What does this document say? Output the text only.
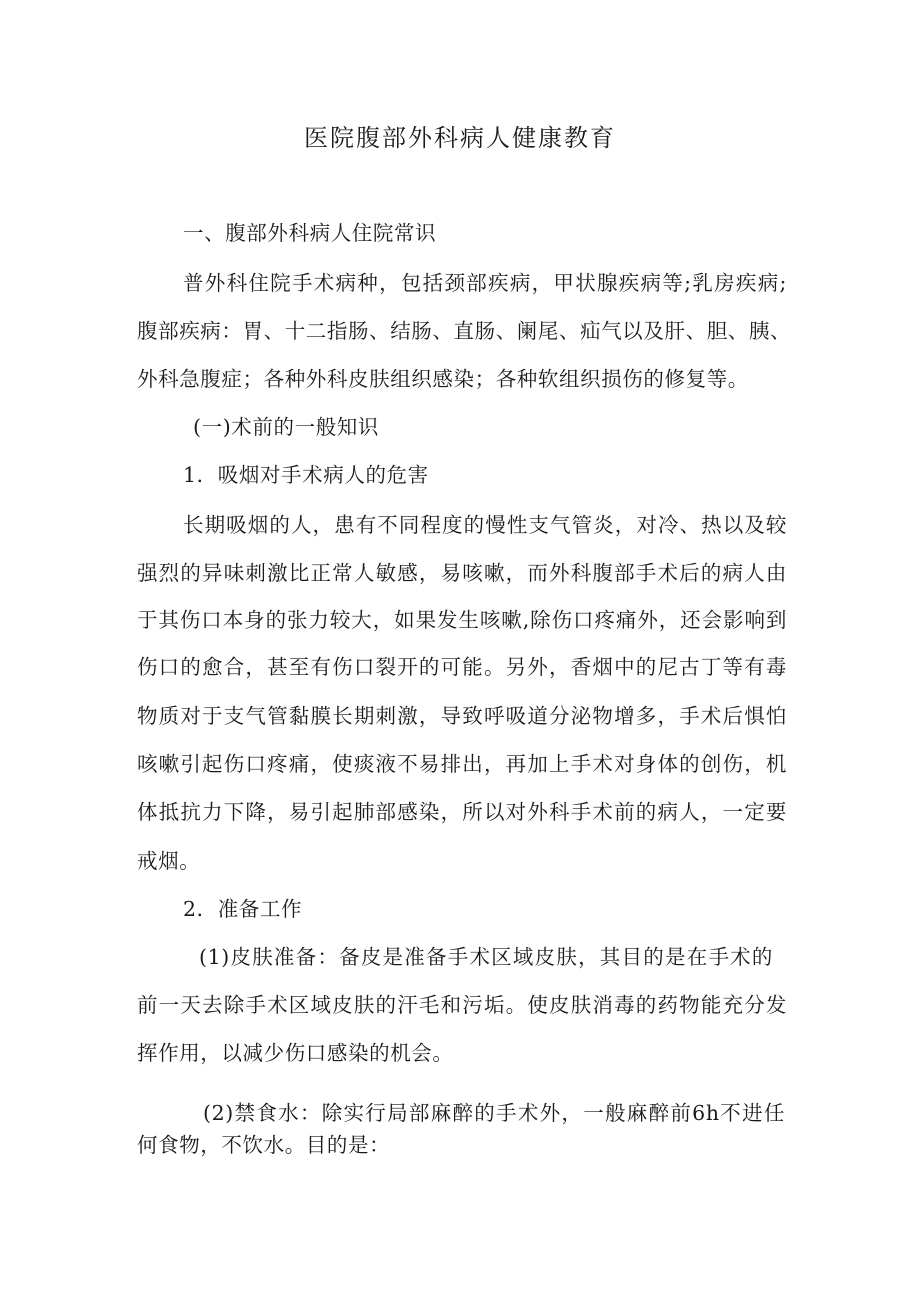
医院腹部外科病人健康教育
一、腹部外科病人住院常识
普外科住院手术病种，包括颈部疾病，甲状腺疾病等;乳房疾病;
腹部疾病：胃、十二指肠、结肠、直肠、阑尾、疝气以及肝、胆、胰、
外科急腹症；各种外科皮肤组织感染；各种软组织损伤的修复等。
(一)术前的一般知识
1．吸烟对手术病人的危害
长期吸烟的人，患有不同程度的慢性支气管炎，对冷、热以及较
强烈的异味刺激比正常人敏感，易咳嗽，而外科腹部手术后的病人由
于其伤口本身的张力较大，如果发生咳嗽,除伤口疼痛外，还会影响到
伤口的愈合，甚至有伤口裂开的可能。另外，香烟中的尼古丁等有毒
物质对于支气管黏膜长期刺激，导致呼吸道分泌物增多，手术后惧怕
咳嗽引起伤口疼痛，使痰液不易排出，再加上手术对身体的创伤，机
体抵抗力下降，易引起肺部感染，所以对外科手术前的病人，一定要
戒烟。
2．准备工作
(1)皮肤准备：备皮是准备手术区域皮肤，其目的是在手术的
前一天去除手术区域皮肤的汗毛和污垢。使皮肤消毒的药物能充分发
挥作用，以减少伤口感染的机会。
(2)禁食水：除实行局部麻醉的手术外，一般麻醉前6h不进任
何食物，不饮水。目的是：
